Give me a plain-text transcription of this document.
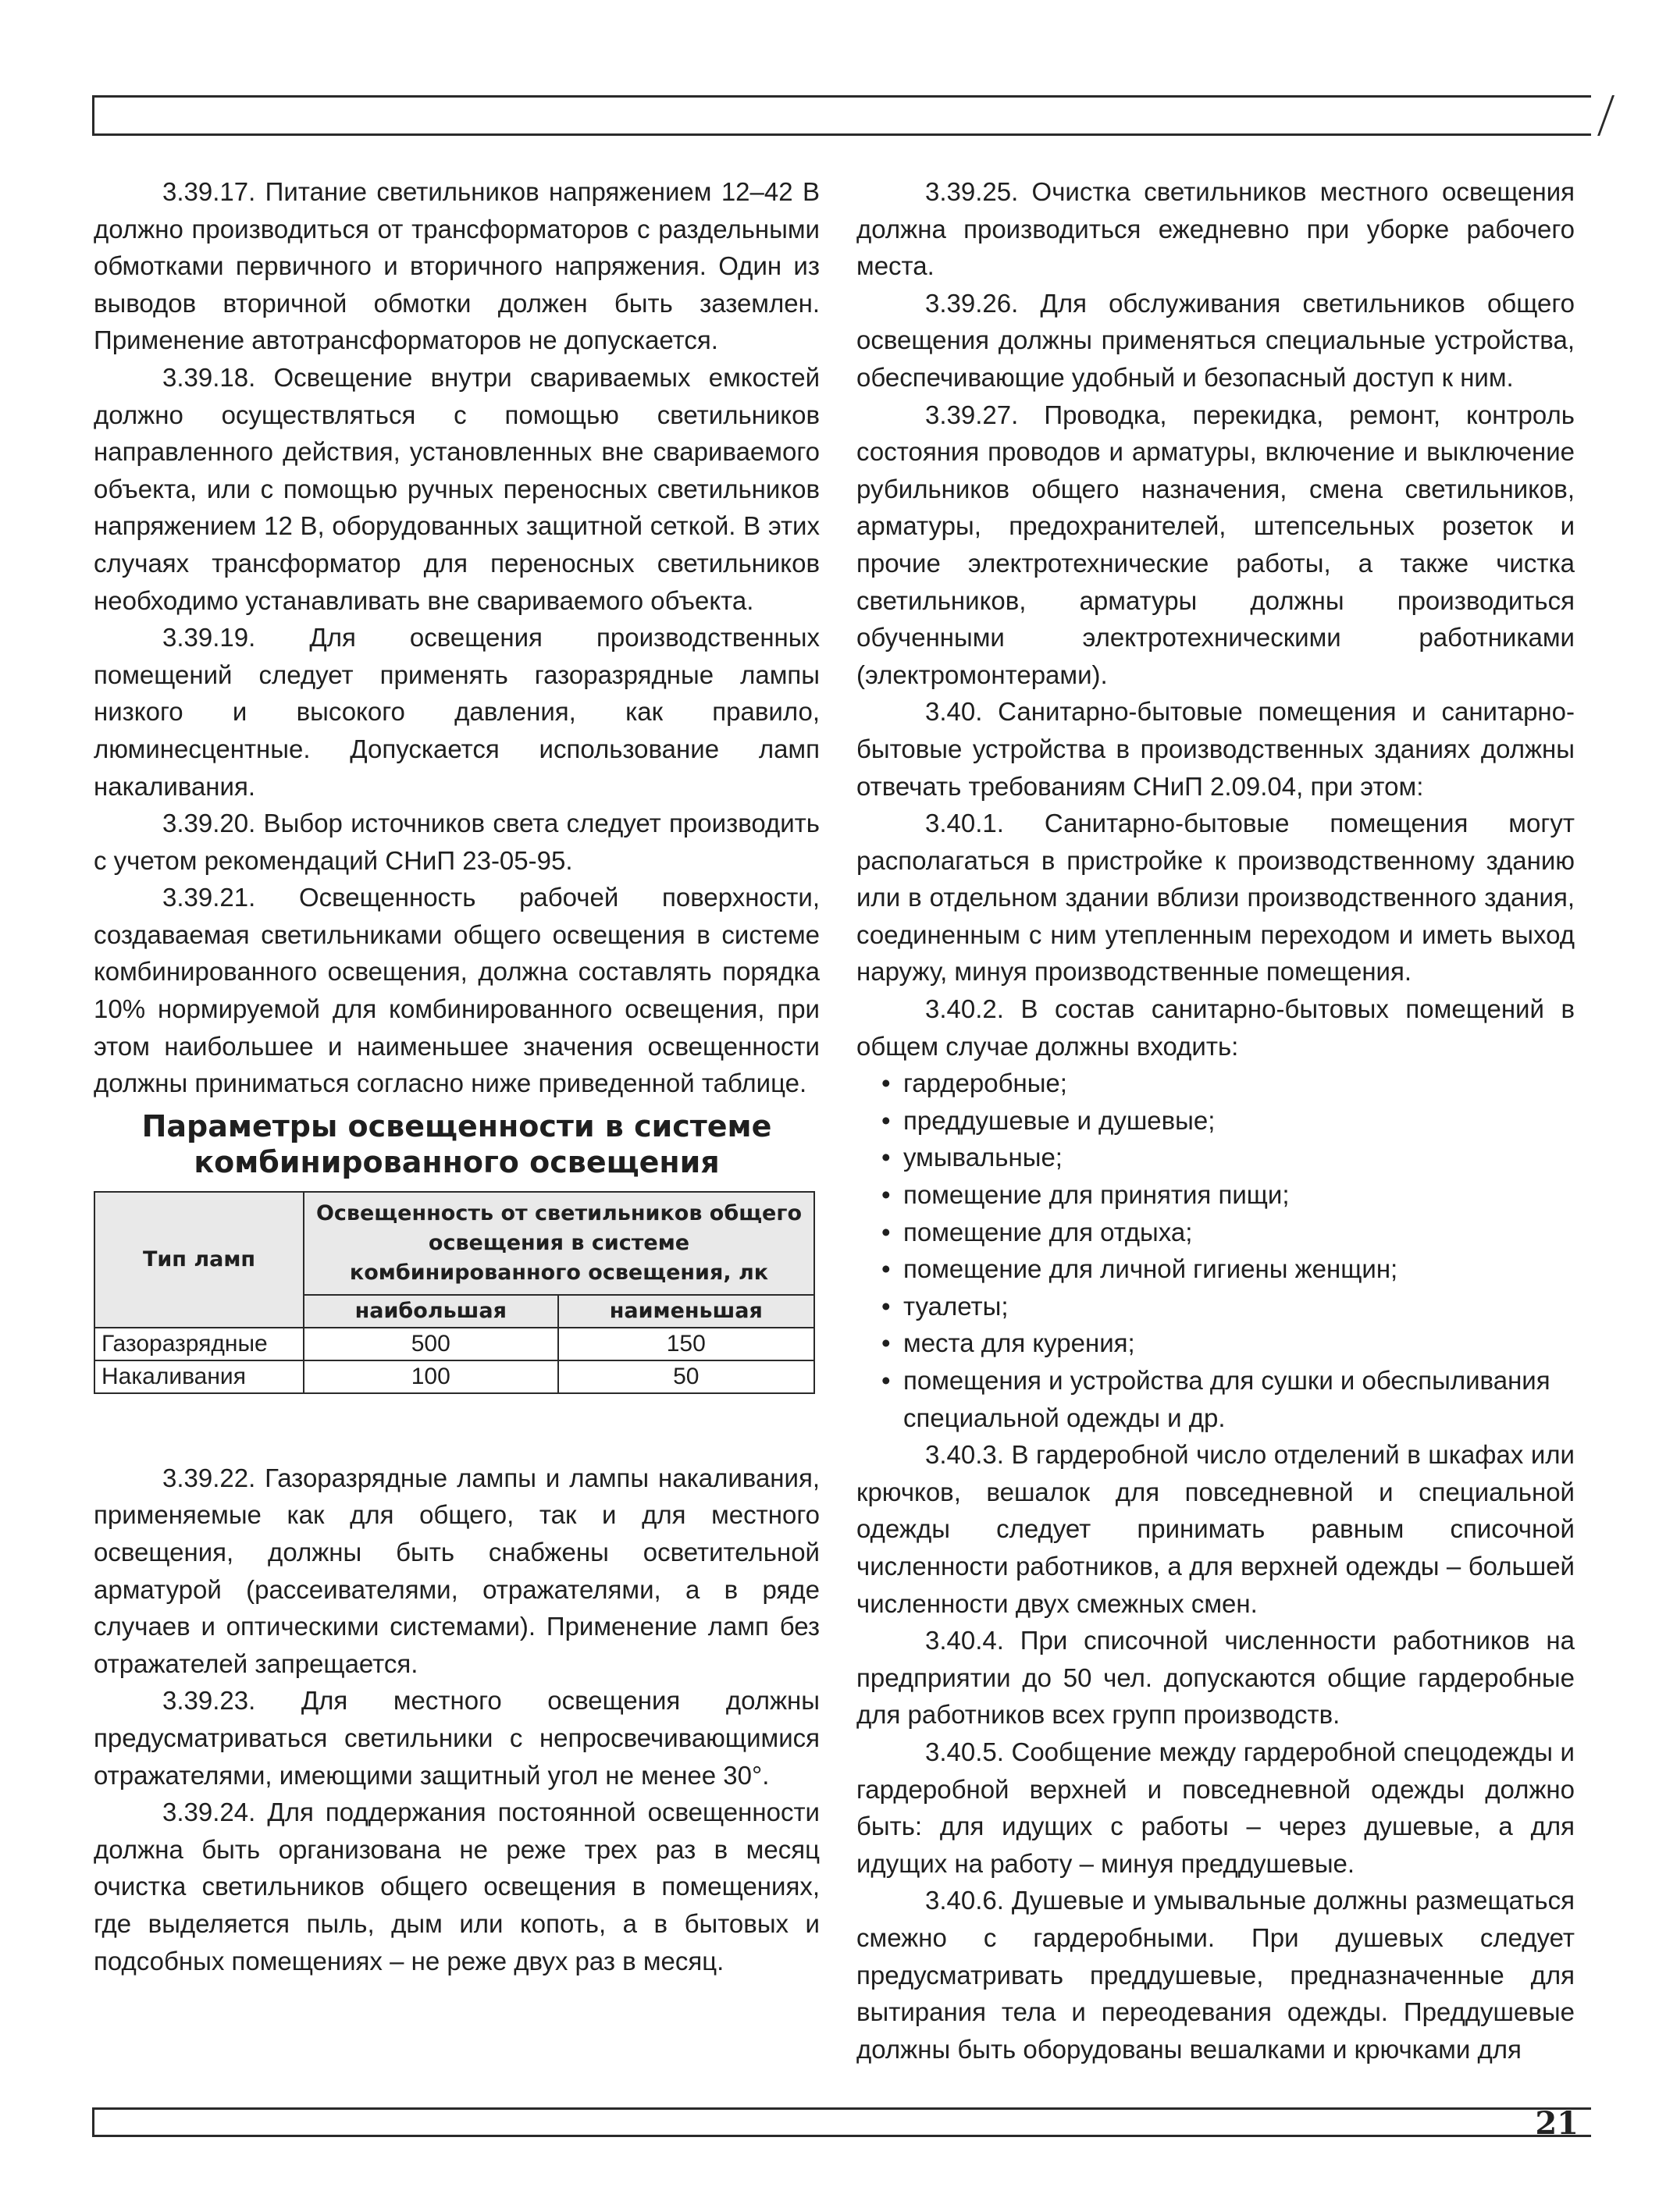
3.39.17. Питание светильников напряжением 12–42 В должно производиться от трансформаторов с раздельными обмотками первичного и вторичного напряжения. Один из выводов вторичной обмотки должен быть заземлен. Применение автотрансформаторов не допускается.

3.39.18. Освещение внутри свариваемых емкостей должно осуществляться с помощью светильников направленного действия, установленных вне свариваемого объекта, или с помощью ручных переносных светильников напряжением 12 В, оборудованных защитной сеткой. В этих случаях трансформатор для переносных светильников необходимо устанавливать вне свариваемого объекта.

3.39.19. Для освещения производственных помещений следует применять газоразрядные лампы низкого и высокого давления, как правило, люминесцентные. Допускается использование ламп накаливания.

3.39.20. Выбор источников света следует производить с учетом рекомендаций СНиП 23-05-95.

3.39.21. Освещенность рабочей поверхности, создаваемая светильниками общего освещения в системе комбинированного освещения, должна составлять порядка 10% нормируемой для комбинированного освещения, при этом наибольшее и наименьшее значения освещенности должны приниматься согласно ниже приведенной таблице.

Параметры освещенности в системе
комбинированного освещения
Тип ламп	Освещенность от светильников общего освещения в системе комбинированного освещения, лк	
	наибольшая	наименьшая
Газоразрядные	500	150
Накаливания	100	50

3.39.22. Газоразрядные лампы и лампы накаливания, применяемые как для общего, так и для местного освещения, должны быть снабжены осветительной арматурой (рассеивателями, отражателями, а в ряде случаев и оптическими системами). Применение ламп без отражателей запрещается.

3.39.23. Для местного освещения должны предусматриваться светильники с непросвечивающимися отражателями, имеющими защитный угол не менее 30°.

3.39.24. Для поддержания постоянной освещенности должна быть организована не реже трех раз в месяц очистка светильников общего освещения в помещениях, где выделяется пыль, дым или копоть, а в бытовых и подсобных помещениях – не реже двух раз в месяц.

3.39.25. Очистка светильников местного освещения должна производиться ежедневно при уборке рабочего места.

3.39.26. Для обслуживания светильников общего освещения должны применяться специальные устройства, обеспечивающие удобный и безопасный доступ к ним.

3.39.27. Проводка, перекидка, ремонт, контроль состояния проводов и арматуры, включение и выключение рубильников общего назначения, смена светильников, арматуры, предохранителей, штепсельных розеток и прочие электротехнические работы, а также чистка светильников, арматуры должны производиться обученными электротехническими работниками (электромонтерами).

3.40. Санитарно-бытовые помещения и санитарно-бытовые устройства в производственных зданиях должны отвечать требованиям СНиП 2.09.04, при этом:

3.40.1. Санитарно-бытовые помещения могут располагаться в пристройке к производственному зданию или в отдельном здании вблизи производственного здания, соединенным с ним утепленным переходом и иметь выход наружу, минуя производственные помещения.

3.40.2. В состав санитарно-бытовых помещений в общем случае должны входить:

• гардеробные;
• преддушевые и душевые;
• умывальные;
• помещение для принятия пищи;
• помещение для отдыха;
• помещение для личной гигиены женщин;
• туалеты;
• места для курения;
• помещения и устройства для сушки и обеспыливания специальной одежды и др.

3.40.3. В гардеробной число отделений в шкафах или крючков, вешалок для повседневной и специальной одежды следует принимать равным списочной численности работников, а для верхней одежды – большей численности двух смежных смен.

3.40.4. При списочной численности работников на предприятии до 50 чел. допускаются общие гардеробные для работников всех групп производств.

3.40.5. Сообщение между гардеробной спецодежды и гардеробной верхней и повседневной одежды должно быть: для идущих с работы – через душевые, а для идущих на работу – минуя преддушевые.

3.40.6. Душевые и умывальные должны размещаться смежно с гардеробными. При душевых следует предусматривать преддушевые, предназначенные для вытирания тела и переодевания одежды. Преддушевые должны быть оборудованы вешалками и крючками для

21
